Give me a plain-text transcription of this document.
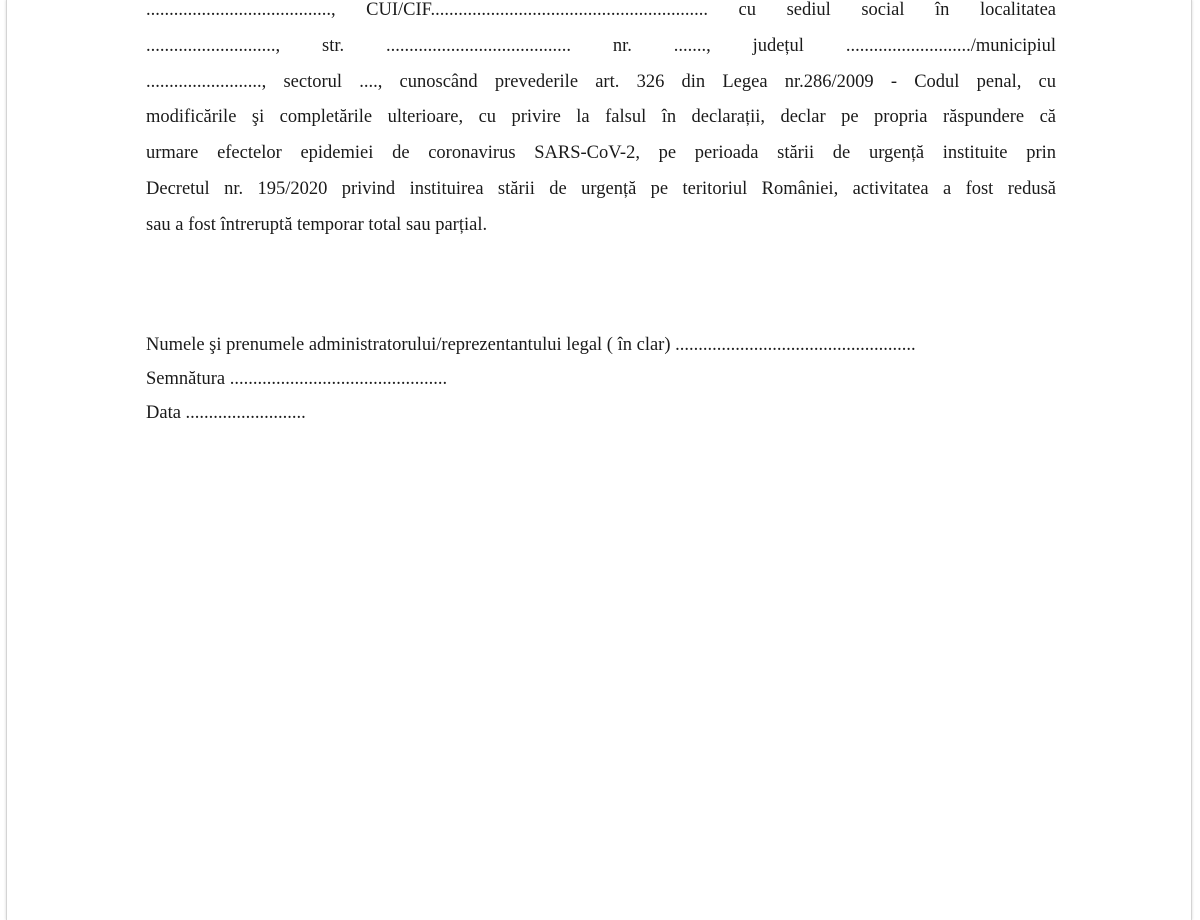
........................................, CUI/CIF............................................................ cu sediul social în localitatea
............................, str. ........................................ nr. ......., județul .........................../municipiul
........................., sectorul ...., cunoscând prevederile art. 326 din Legea nr.286/2009 - Codul penal, cu
modificările şi completările ulterioare, cu privire la falsul în declarații, declar pe propria răspundere că
urmare efectelor epidemiei de coronavirus SARS-CoV-2, pe perioada stării de urgență instituite prin
Decretul nr. 195/2020 privind instituirea stării de urgență pe teritoriul României, activitatea a fost redusă
sau a fost întreruptă temporar total sau parțial.

Numele şi prenumele administratorului/reprezentantului legal ( în clar) ....................................................
Semnătura ...............................................
Data ..........................
